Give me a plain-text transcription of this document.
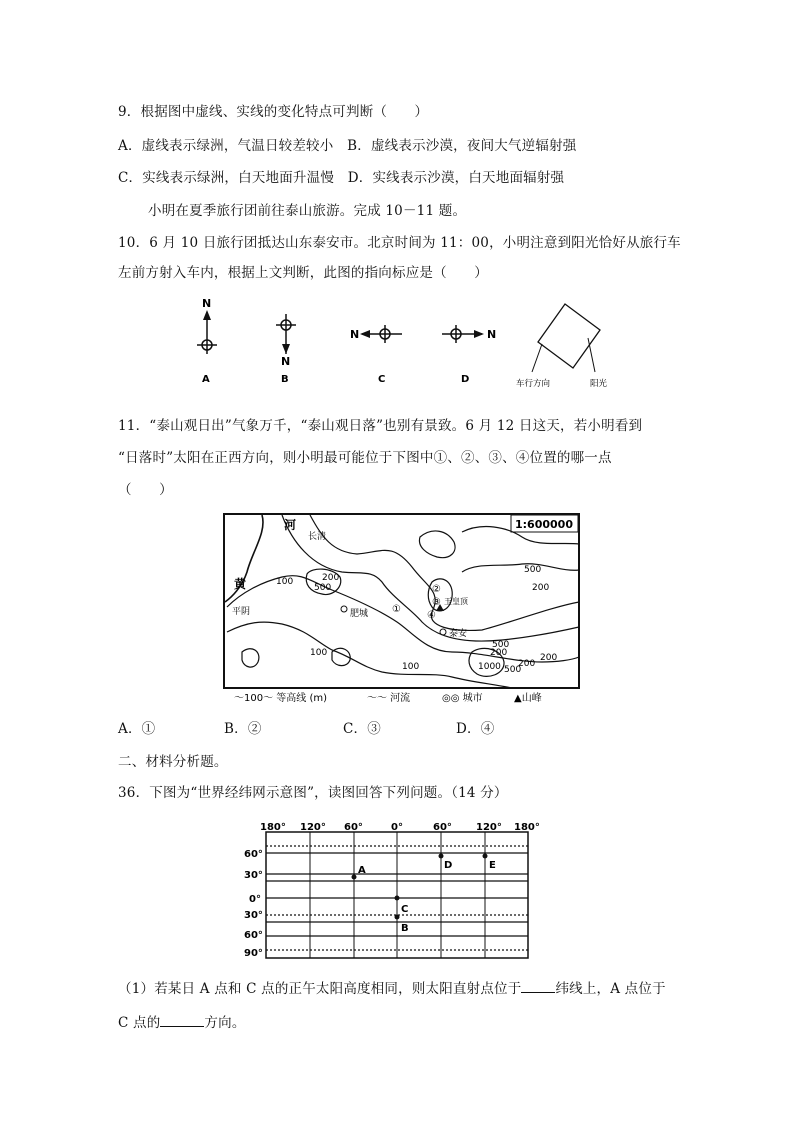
9．根据图中虚线、实线的变化特点可判断（　　）
A．虚线表示绿洲，气温日较差较小　B．虚线表示沙漠，夜间大气逆辐射强
C．实线表示绿洲，白天地面升温慢　D．实线表示沙漠，白天地面辐射强
小明在夏季旅行团前往泰山旅游。完成 10－11 题。
10．6 月 10 日旅行团抵达山东泰安市。北京时间为 11：00，小明注意到阳光恰好从旅行车
左前方射入车内，根据上文判断，此图的指向标应是（　　）
N
A
N
B
N
C
N
D	车行方向	阳光
11．“泰山观日出”气象万千，“泰山观日落”也别有景致。6 月 12 日这天，若小明看到
“日落时”太阳在正西方向，则小明最可能位于下图中①、②、③、④位置的哪一点
（　　）
1:600000
河
黄
长清
平阴	肥城
泰安
玉皇顶
①
②
③
④
100	200
500
500
200
500
200
100
100
200
200
1000 500
～100～ 等高线 (m)	～～ 河流	◎◎ 城市	▲山峰
A．①	B．②	C．③	D．④
二、材料分析题。
36．下图为“世界经纬网示意图”，读图回答下列问题。（14 分）
180° 120° 60°	0°	60° 120° 180°
60°
30°
0°
30°
60°
90°
A
B
C
D	E
（1）若某日 A 点和 C 点的正午太阳高度相同，则太阳直射点位于	纬线上，A 点位于
C 点的	方向。
